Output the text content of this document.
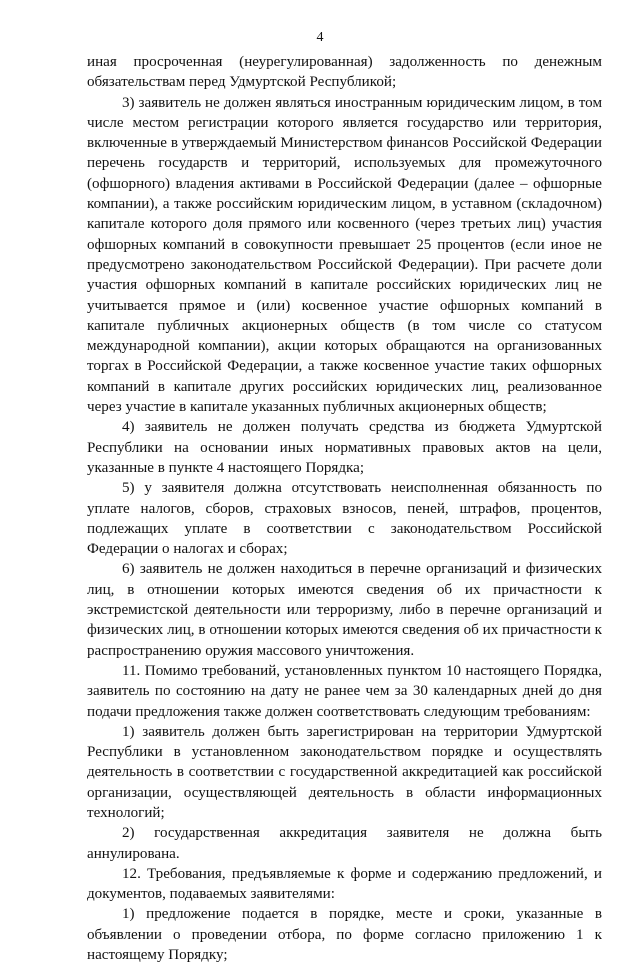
4

иная просроченная (неурегулированная) задолженность по денежным обязательствам перед Удмуртской Республикой;

3) заявитель не должен являться иностранным юридическим лицом, в том числе местом регистрации которого является государство или территория, включенные в утверждаемый Министерством финансов Российской Федерации перечень государств и территорий, используемых для промежуточного (офшорного) владения активами в Российской Федерации (далее – офшорные компании), а также российским юридическим лицом, в уставном (складочном) капитале которого доля прямого или косвенного (через третьих лиц) участия офшорных компаний в совокупности превышает 25 процентов (если иное не предусмотрено законодательством Российской Федерации). При расчете доли участия офшорных компаний в капитале российских юридических лиц не учитывается прямое и (или) косвенное участие офшорных компаний в капитале публичных акционерных обществ (в том числе со статусом международной компании), акции которых обращаются на организованных торгах в Российской Федерации, а также косвенное участие таких офшорных компаний в капитале других российских юридических лиц, реализованное через участие в капитале указанных публичных акционерных обществ;

4) заявитель не должен получать средства из бюджета Удмуртской Республики на основании иных нормативных правовых актов на цели, указанные в пункте 4 настоящего Порядка;

5) у заявителя должна отсутствовать неисполненная обязанность по уплате налогов, сборов, страховых взносов, пеней, штрафов, процентов, подлежащих уплате в соответствии с законодательством Российской Федерации о налогах и сборах;

6) заявитель не должен находиться в перечне организаций и физических лиц, в отношении которых имеются сведения об их причастности к экстремистской деятельности или терроризму, либо в перечне организаций и физических лиц, в отношении которых имеются сведения об их причастности к распространению оружия массового уничтожения.

11. Помимо требований, установленных пунктом 10 настоящего Порядка, заявитель по состоянию на дату не ранее чем за 30 календарных дней до дня подачи предложения также должен соответствовать следующим требованиям:

1) заявитель должен быть зарегистрирован на территории Удмуртской Республики в установленном законодательством порядке и осуществлять деятельность в соответствии с государственной аккредитацией как российской организации, осуществляющей деятельность в области информационных технологий;

2) государственная аккредитация заявителя не должна быть аннулирована.

12. Требования, предъявляемые к форме и содержанию предложений, и документов, подаваемых заявителями:

1) предложение подается в порядке, месте и сроки, указанные в объявлении о проведении отбора, по форме согласно приложению 1 к настоящему Порядку;
